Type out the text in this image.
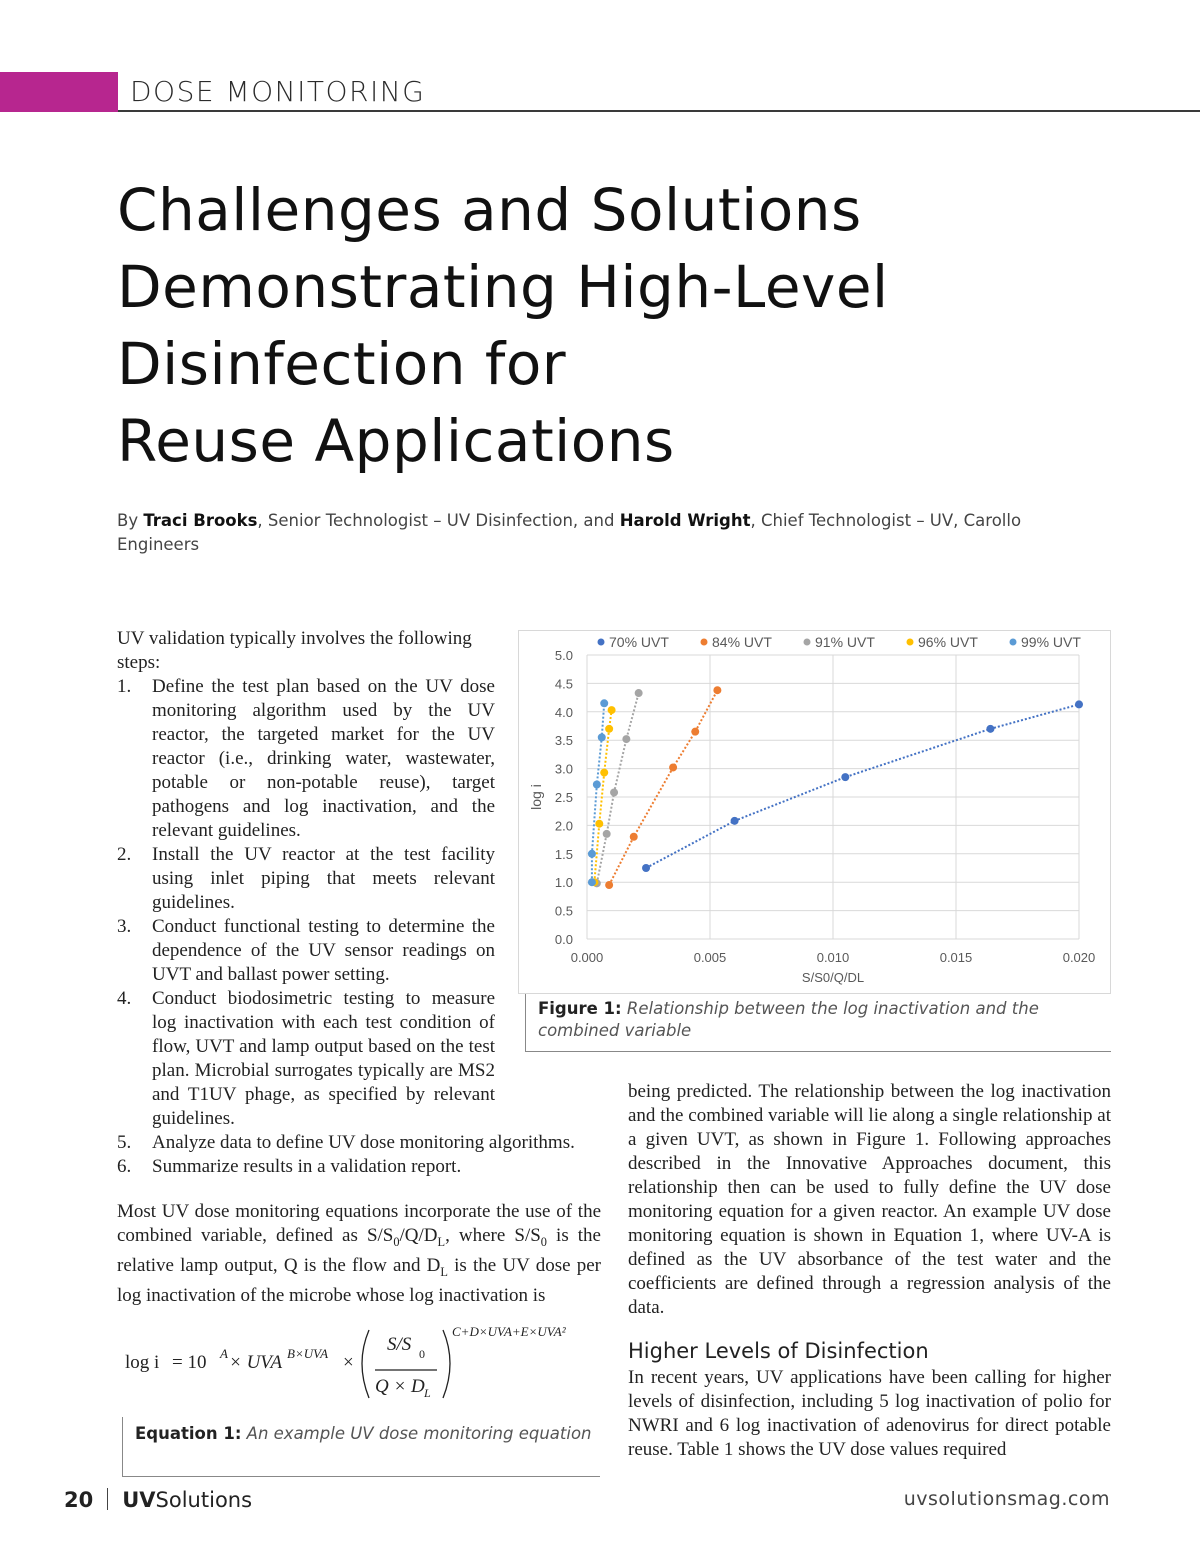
DOSE MONITORING
Challenges and Solutions
Demonstrating High-Level
Disinfection for
Reuse Applications
By Traci Brooks, Senior Technologist – UV Disinfection, and Harold Wright, Chief Technologist – UV, Carollo Engineers
UV validation typically involves the following steps:
1. Define the test plan based on the UV dose monitoring algorithm used by the UV reactor, the targeted market for the UV reactor (i.e., drinking water, wastewater, potable or non-potable reuse), target pathogens and log inactivation, and the relevant guidelines.
2. Install the UV reactor at the test facility using inlet piping that meets relevant guidelines.
3. Conduct functional testing to determine the dependence of the UV sensor readings on UVT and ballast power setting.
4. Conduct biodosimetric testing to measure log inactivation with each test condition of flow, UVT and lamp output based on the test plan. Microbial surrogates typically are MS2 and T1UV phage, as specified by relevant guidelines.
5. Analyze data to define UV dose monitoring algorithms.
6. Summarize results in a validation report.
Most UV dose monitoring equations incorporate the use of the combined variable, defined as $S/S_0/Q/D_L$, where $S/S_0$ is the relative lamp output, Q is the flow and $D_L$ is the UV dose per log inactivation of the microbe whose log inactivation is
log i = 10 A × UVA B×UVA ×
S/S 0
Q × D L
C+D×UVA+E×UVA²
Equation 1: An example UV dose monitoring equation
0.0
0.5
1.0
1.5
2.0
2.5
3.0
3.5
4.0
4.5
5.0
0.000	0.005	0.010	0.015	0.020
S/S0/Q/DL
log i
70% UVT	84% UVT	91% UVT	96% UVT	99% UVT
Figure 1: Relationship between the log inactivation and the combined variable
being predicted. The relationship between the log inactivation and the combined variable will lie along a single relationship at a given UVT, as shown in Figure 1. Following approaches described in the Innovative Approaches document, this relationship then can be used to fully define the UV dose monitoring equation for a given reactor. An example UV dose monitoring equation is shown in Equation 1, where UV-A is defined as the UV absorbance of the test water and the coefficients are defined through a regression analysis of the data.
Higher Levels of Disinfection
In recent years, UV applications have been calling for higher levels of disinfection, including 5 log inactivation of polio for NWRI and 6 log inactivation of adenovirus for direct potable reuse. Table 1 shows the UV dose values required
20 UVSolutions	uvsolutionsmag.com
